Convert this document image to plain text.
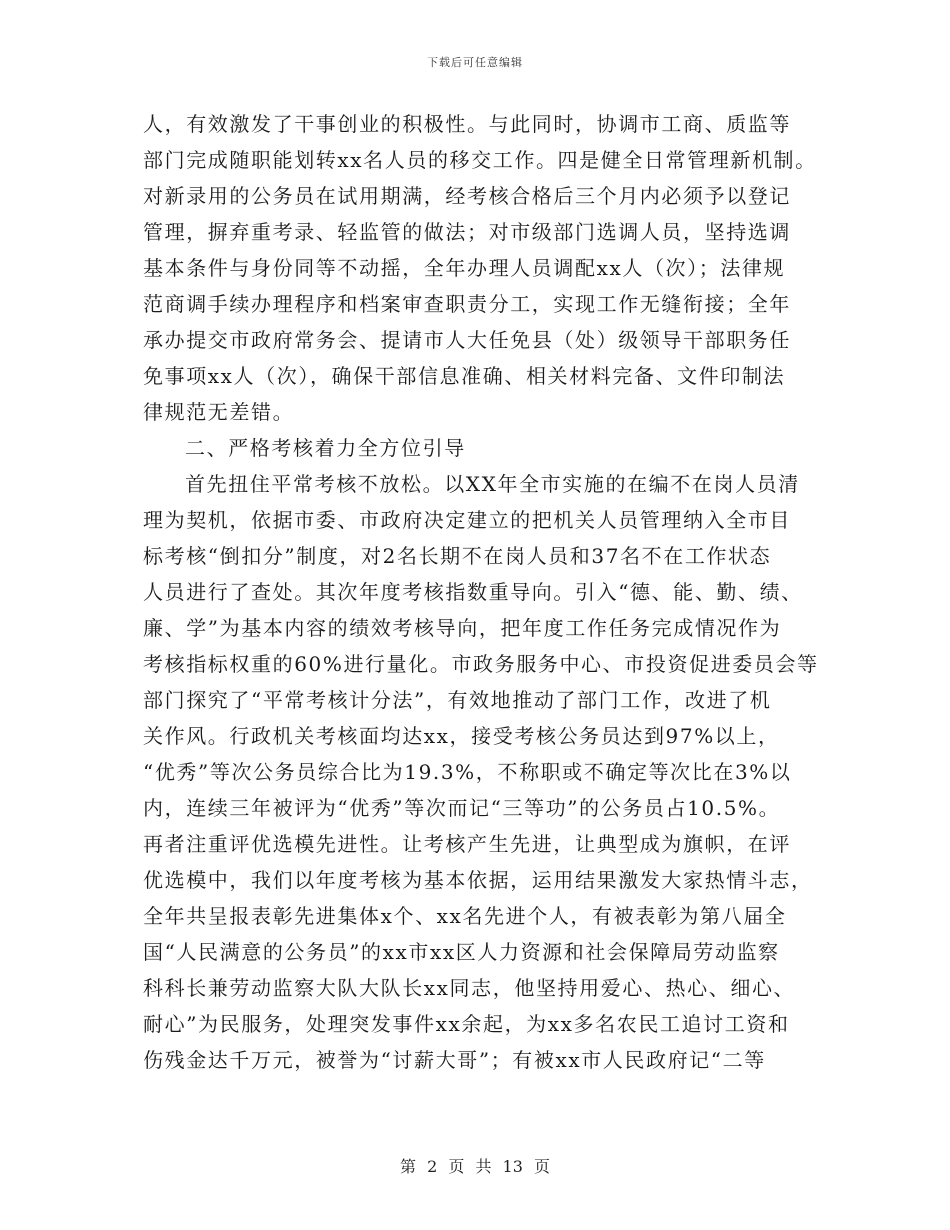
下载后可任意编辑
人，有效激发了干事创业的积极性。与此同时，协调市工商、质监等
部门完成随职能划转xx名人员的移交工作。四是健全日常管理新机制。
对新录用的公务员在试用期满，经考核合格后三个月内必须予以登记
管理，摒弃重考录、轻监管的做法；对市级部门选调人员，坚持选调
基本条件与身份同等不动摇，全年办理人员调配xx人（次）；法律规
范商调手续办理程序和档案审查职责分工，实现工作无缝衔接；全年
承办提交市政府常务会、提请市人大任免县（处）级领导干部职务任
免事项xx人（次），确保干部信息准确、相关材料完备、文件印制法
律规范无差错。
二、严格考核着力全方位引导
首先扭住平常考核不放松。以XX年全市实施的在编不在岗人员清
理为契机，依据市委、市政府决定建立的把机关人员管理纳入全市目
标考核“倒扣分”制度，对2名长期不在岗人员和37名不在工作状态
人员进行了查处。其次年度考核指数重导向。引入“德、能、勤、绩、
廉、学”为基本内容的绩效考核导向，把年度工作任务完成情况作为
考核指标权重的60%进行量化。市政务服务中心、市投资促进委员会等
部门探究了“平常考核计分法”，有效地推动了部门工作，改进了机
关作风。行政机关考核面均达xx，接受考核公务员达到97%以上，
“优秀”等次公务员综合比为19.3%，不称职或不确定等次比在3%以
内，连续三年被评为“优秀”等次而记“三等功”的公务员占10.5%。
再者注重评优选模先进性。让考核产生先进，让典型成为旗帜，在评
优选模中，我们以年度考核为基本依据，运用结果激发大家热情斗志，
全年共呈报表彰先进集体x个、xx名先进个人，有被表彰为第八届全
国“人民满意的公务员”的xx市xx区人力资源和社会保障局劳动监察
科科长兼劳动监察大队大队长xx同志，他坚持用爱心、热心、细心、
耐心”为民服务，处理突发事件xx余起，为xx多名农民工追讨工资和
伤残金达千万元，被誉为“讨薪大哥”；有被xx市人民政府记“二等
第 2 页 共 13 页
